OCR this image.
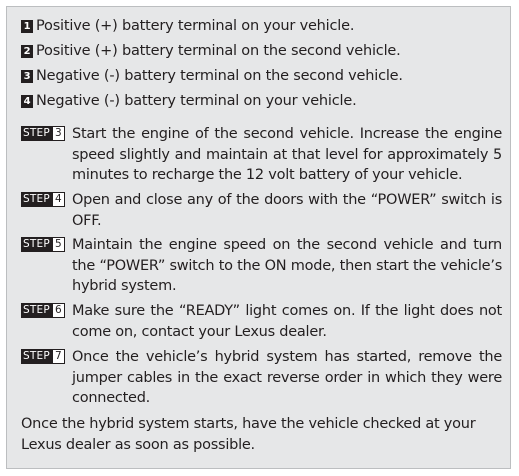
1 Positive (+) battery terminal on your vehicle.
2 Positive (+) battery terminal on the second vehicle.
3 Negative (-) battery terminal on the second vehicle.
4 Negative (-) battery terminal on your vehicle.
STEP 3 Start the engine of the second vehicle. Increase the engine speed slightly and maintain at that level for approximately 5 minutes to recharge the 12 volt battery of your vehicle.
STEP 4 Open and close any of the doors with the “POWER” switch is OFF.
STEP 5 Maintain the engine speed on the second vehicle and turn the “POWER” switch to the ON mode, then start the vehicle’s hybrid system.
STEP 6 Make sure the “READY” light comes on. If the light does not come on, contact your Lexus dealer.
STEP 7 Once the vehicle’s hybrid system has started, remove the jumper cables in the exact reverse order in which they were connected.
Once the hybrid system starts, have the vehicle checked at your Lexus dealer as soon as possible.
